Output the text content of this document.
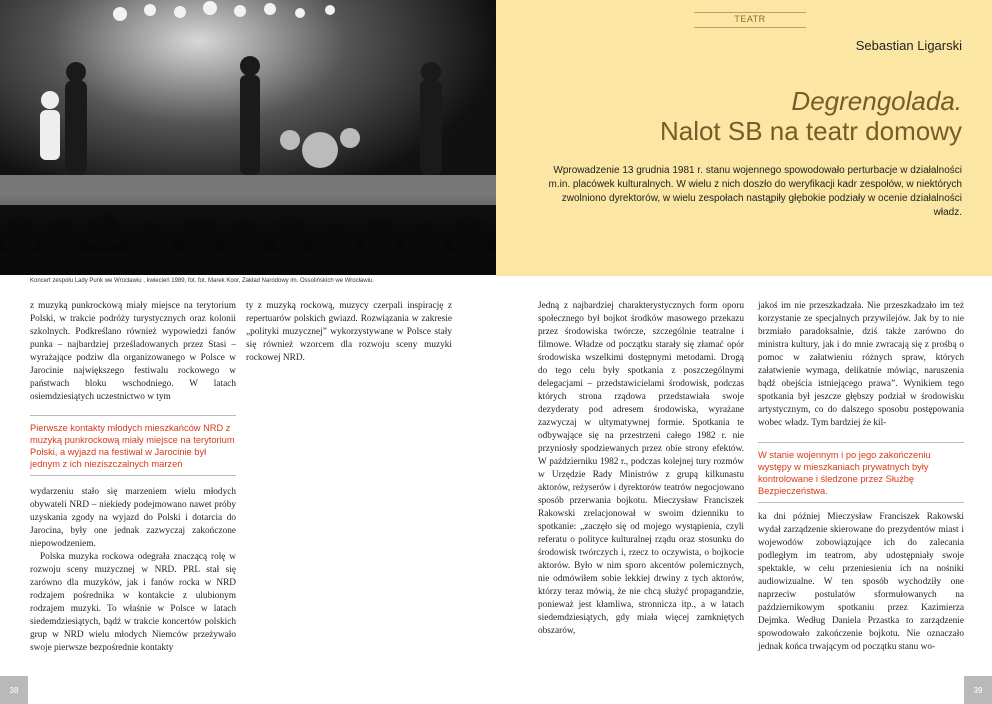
Koncert zespołu Lady Punk we Wrocławiu , kwiecień 1989, fot. fot. Marek Koor, Zakład Narodowy im. Ossolińskich we Wrocławiu.

z muzyką punkrockową miały miejsce na terytorium Polski, w trakcie podróży turystycznych oraz kolonii szkolnych. Podkreślano również wypowiedzi fanów punka – najbardziej prześladowanych przez Stasi – wyrażające podziw dla organizowanego w Polsce w Jarocinie największego festiwalu rockowego w państwach bloku wschodniego. W latach osiemdziesiątych uczestnictwo w tym

Pierwsze kontakty młodych mieszkańców NRD z muzyką punkrockową miały miejsce na terytorium Polski, a wyjazd na festiwal w Jarocinie był jednym z ich nieziszczalnych marzeń

wydarzeniu stało się marzeniem wielu młodych obywateli NRD – niekiedy podejmowano nawet próby uzyskania zgody na wyjazd do Polski i dotarcia do Jarocina, były one jednak zazwyczaj zakończone niepowodzeniem.

Polska muzyka rockowa odegrała znaczącą rolę w rozwoju sceny muzycznej w NRD. PRL stał się zarówno dla muzyków, jak i fanów rocka w NRD rodzajem pośrednika w kontakcie z ulubionym rodzajem muzyki. To właśnie w Polsce w latach siedemdziesiątych, bądź w trakcie koncertów polskich grup w NRD wielu młodych Niemców przeżywało swoje pierwsze bezpośrednie kontakty

ty z muzyką rockową, muzycy czerpali inspirację z repertuarów polskich gwiazd. Rozwiązania w zakresie „polityki muzycznej” wykorzystywane w Polsce stały się również wzorcem dla rozwoju sceny muzyki rockowej NRD.

38
TEATR
Sebastian Ligarski
Degrengolada.
Nalot SB na teatr domowy
Wprowadzenie 13 grudnia 1981 r. stanu wojennego spowodowało perturbacje w działalności m.in. placówek kulturalnych. W wielu z nich doszło do weryfikacji kadr zespołów, w niektórych zwolniono dyrektorów, w wielu zespołach nastąpiły głębokie podziały w ocenie działalności władz.

Jedną z najbardziej charakterystycznych form oporu społecznego był bojkot środków masowego przekazu przez środowiska twórcze, szczególnie teatralne i filmowe. Władze od początku starały się złamać opór środowiska wszelkimi dostępnymi metodami. Drogą do tego celu były spotkania z poszczególnymi delegacjami – przedstawicielami środowisk, podczas których strona rządowa przedstawiała swoje dezyderaty pod adresem środowiska, wyrażane zazwyczaj w ultymatywnej formie. Spotkania te odbywające się na przestrzeni całego 1982 r. nie przyniosły spodziewanych przez obie strony efektów. W październiku 1982 r., podczas kolejnej tury rozmów w Urzędzie Rady Ministrów z grupą kilkunastu aktorów, reżyserów i dyrektorów teatrów negocjowano sposób przerwania bojkotu. Mieczysław Franciszek Rakowski zrelacjonował w swoim dzienniku to spotkanie: „zaczęło się od mojego wystąpienia, czyli referatu o polityce kulturalnej rządu oraz stosunku do środowisk twórczych i, rzecz to oczywista, o bojkocie aktorów. Było w nim sporo akcentów polemicznych, nie odmówiłem sobie lekkiej drwiny z tych aktorów, którzy teraz mówią, że nie chcą służyć propagandzie, ponieważ jest kłamliwa, stronnicza itp., a w latach siedemdziesiątych, gdy miała więcej zamkniętych obszarów,

jakoś im nie przeszkadzała. Nie przeszkadzało im też korzystanie ze specjalnych przywilejów. Jak by to nie brzmiało paradoksalnie, dziś także zarówno do ministra kultury, jak i do mnie zwracają się z prośbą o pomoc w załatwieniu różnych spraw, których załatwienie wymaga, delikatnie mówiąc, naruszenia bądź obejścia istniejącego prawa”. Wynikiem tego spotkania był jeszcze głębszy podział w środowisku artystycznym, co do dalszego sposobu postępowania wobec władz. Tym bardziej że kil-

W stanie wojennym i po jego zakończeniu występy w mieszkaniach prywatnych były kontrolowane i śledzone przez Służbę Bezpieczeństwa.

ka dni później Mieczysław Franciszek Rakowski wydał zarządzenie skierowane do prezydentów miast i wojewodów zobowiązujące ich do zalecania podległym im teatrom, aby udostępniały swoje spektakle, w celu przeniesienia ich na nośniki audiowizualne. W ten sposób wychodziły one naprzeciw postulatów sformułowanych na październikowym spotkaniu przez Kazimierza Dejmka. Według Daniela Przastka to zarządzenie spowodowało zakończenie bojkotu. Nie oznaczało jednak końca trwającym od początku stanu wo-

39
